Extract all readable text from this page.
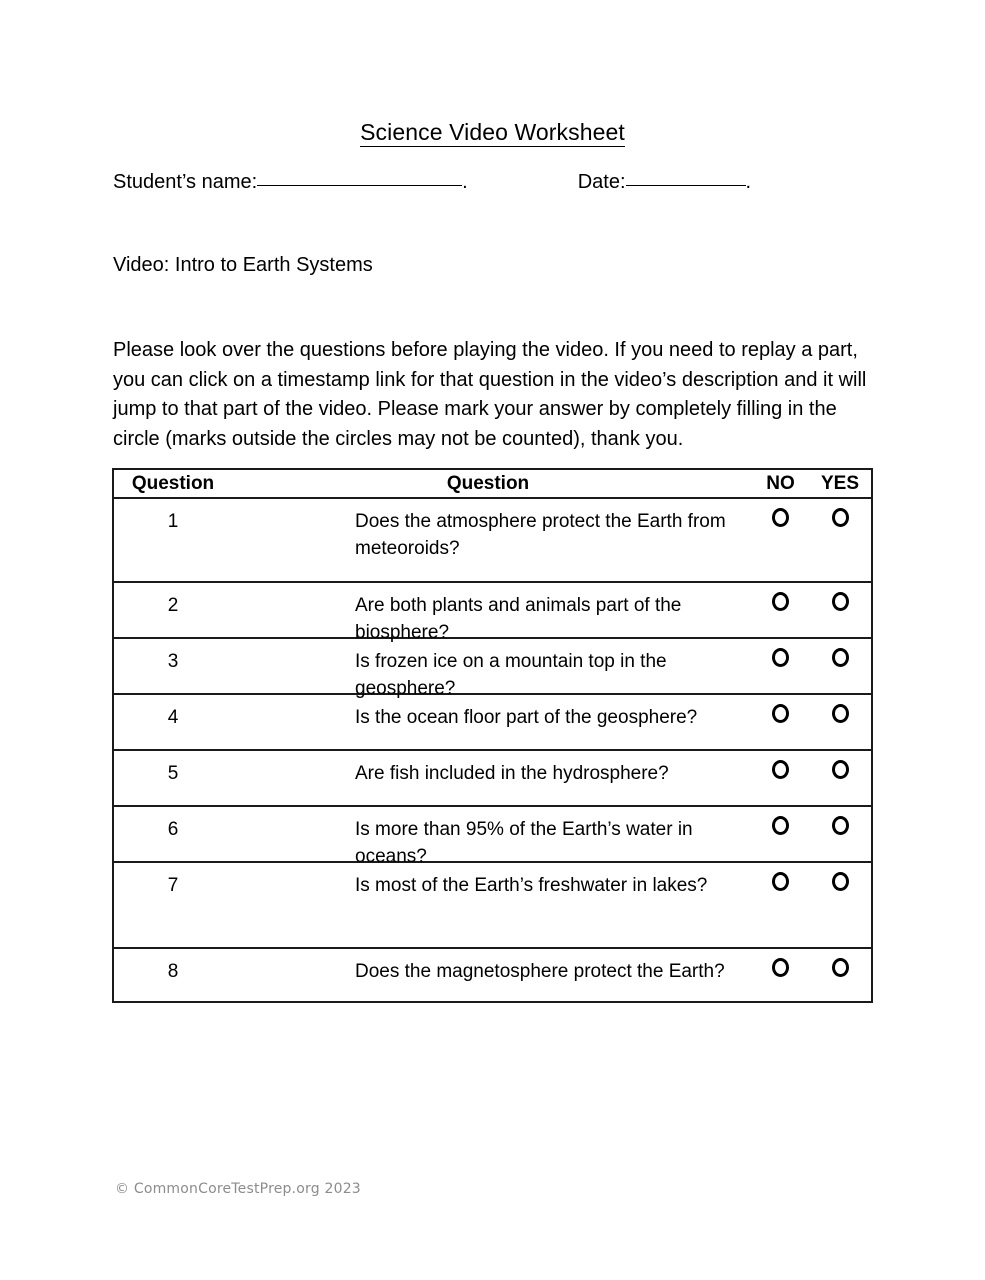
Science Video Worksheet
Student’s name:	.	Date:	.
Video: Intro to Earth Systems
Please look over the questions before playing the video. If you need to replay a part, you can click on a timestamp link for that question in the video’s description and it will jump to that part of the video. Please mark your answer by completely filling in the circle (marks outside the circles may not be counted), thank you.
Question	Question	NO	YES
1	Does the atmosphere protect the Earth from meteoroids?
2	Are both plants and animals part of the biosphere?
3	Is frozen ice on a mountain top in the geosphere?
4	Is the ocean floor part of the geosphere?
5	Are fish included in the hydrosphere?
6	Is more than 95% of the Earth’s water in oceans?
7	Is most of the Earth’s freshwater in lakes?
8	Does the magnetosphere protect the Earth?
© CommonCoreTestPrep.org 2023
